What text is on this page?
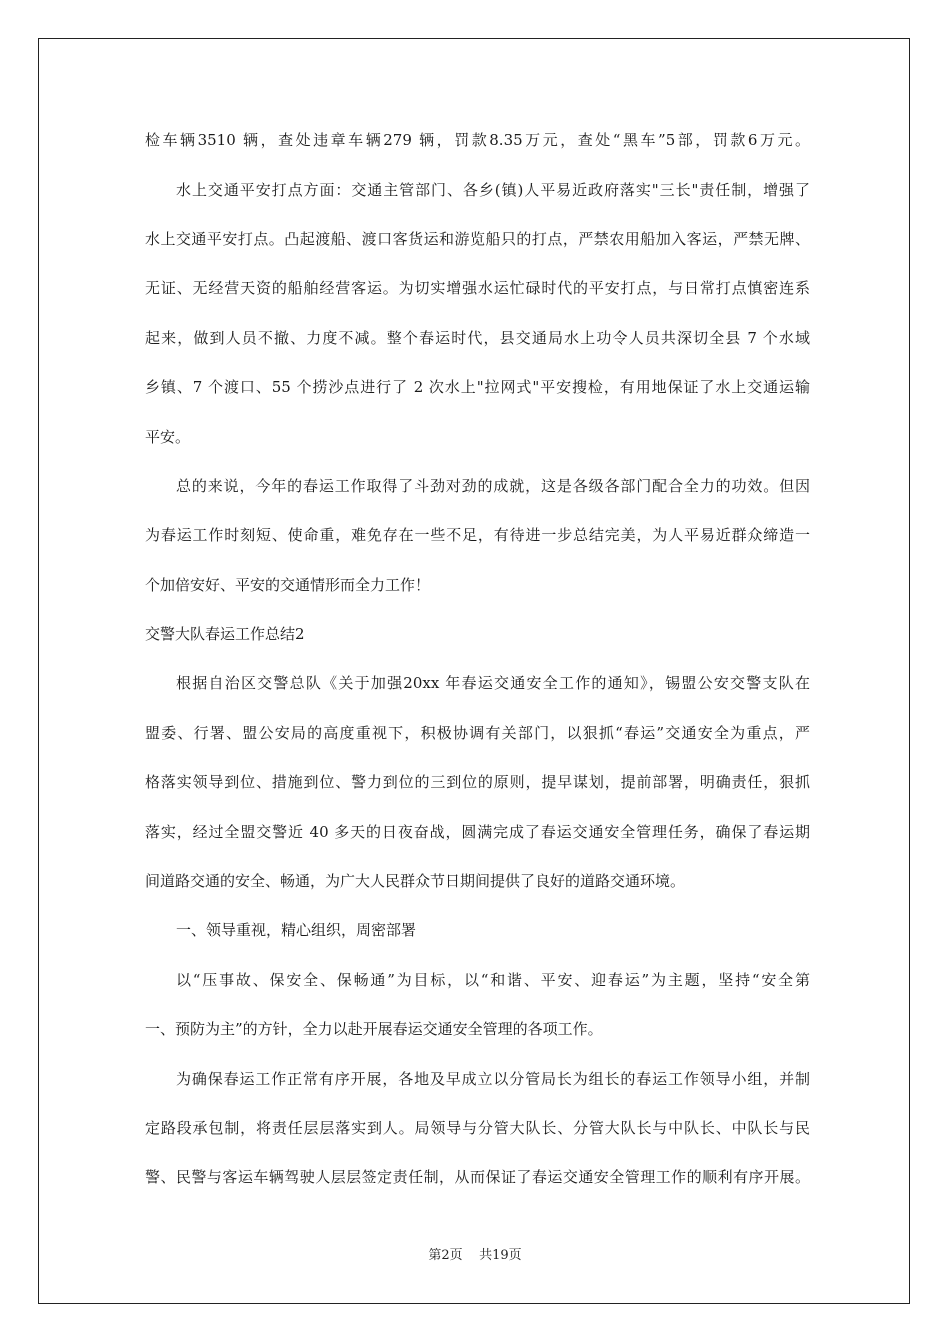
检车辆3510 辆，查处违章车辆279 辆，罚款8.35万元，查处“黑车”5部，罚款6万元。
水上交通平安打点方面：交通主管部门、各乡(镇)人平易近政府落实"三长"责任制，增强了
水上交通平安打点。凸起渡船、渡口客货运和游览船只的打点，严禁农用船加入客运，严禁无牌、
无证、无经营天资的船舶经营客运。为切实增强水运忙碌时代的平安打点，与日常打点慎密连系
起来，做到人员不撤、力度不减。整个春运时代，县交通局水上功令人员共深切全县 7 个水域
乡镇、7 个渡口、55 个捞沙点进行了 2 次水上"拉网式"平安搜检，有用地保证了水上交通运输
平安。
总的来说，今年的春运工作取得了斗劲对劲的成就，这是各级各部门配合全力的功效。但因
为春运工作时刻短、使命重，难免存在一些不足，有待进一步总结完美，为人平易近群众缔造一
个加倍安好、平安的交通情形而全力工作！
交警大队春运工作总结2
根据自治区交警总队《关于加强20xx 年春运交通安全工作的通知》，锡盟公安交警支队在
盟委、行署、盟公安局的高度重视下，积极协调有关部门，以狠抓“春运”交通安全为重点，严
格落实领导到位、措施到位、警力到位的三到位的原则，提早谋划，提前部署，明确责任，狠抓
落实，经过全盟交警近 40 多天的日夜奋战，圆满完成了春运交通安全管理任务，确保了春运期
间道路交通的安全、畅通，为广大人民群众节日期间提供了良好的道路交通环境。
一、领导重视，精心组织，周密部署
以“压事故、保安全、保畅通”为目标，以“和谐、平安、迎春运”为主题，坚持“安全第
一、预防为主”的方针，全力以赴开展春运交通安全管理的各项工作。
为确保春运工作正常有序开展，各地及早成立以分管局长为组长的春运工作领导小组，并制
定路段承包制，将责任层层落实到人。局领导与分管大队长、分管大队长与中队长、中队长与民
警、民警与客运车辆驾驶人层层签定责任制，从而保证了春运交通安全管理工作的顺利有序开展。
第2页    共19页
